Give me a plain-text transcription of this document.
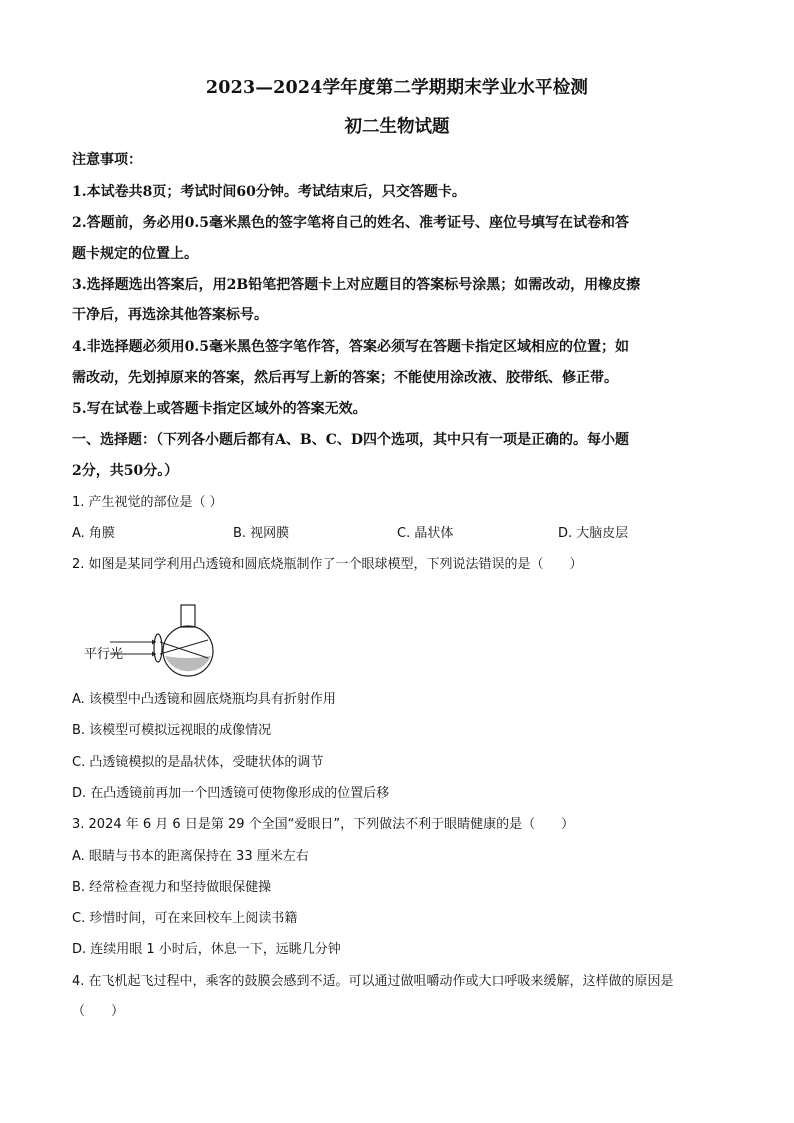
2023—2024学年度第二学期期末学业水平检测
初二生物试题
注意事项：
1.本试卷共8页；考试时间60分钟。考试结束后，只交答题卡。
2.答题前，务必用0.5毫米黑色的签字笔将自己的姓名、准考证号、座位号填写在试卷和答
题卡规定的位置上。
3.选择题选出答案后，用2B铅笔把答题卡上对应题目的答案标号涂黑；如需改动，用橡皮擦
干净后，再选涂其他答案标号。
4.非选择题必须用0.5毫米黑色签字笔作答，答案必须写在答题卡指定区域相应的位置；如
需改动，先划掉原来的答案，然后再写上新的答案；不能使用涂改液、胶带纸、修正带。
5.写在试卷上或答题卡指定区域外的答案无效。
一、选择题：（下列各小题后都有A、B、C、D四个选项，其中只有一项是正确的。每小题
2分，共50分。）
1. 产生视觉的部位是（ ）
A. 角膜	B. 视网膜	C. 晶状体	D. 大脑皮层
2. 如图是某同学利用凸透镜和圆底烧瓶制作了一个眼球模型，下列说法错误的是（　　）
平行光
A. 该模型中凸透镜和圆底烧瓶均具有折射作用
B. 该模型可模拟远视眼的成像情况
C. 凸透镜模拟的是晶状体，受睫状体的调节
D. 在凸透镜前再加一个凹透镜可使物像形成的位置后移
3. 2024 年 6 月 6 日是第 29 个全国“爱眼日”，下列做法不利于眼睛健康的是（　　）
A. 眼睛与书本的距离保持在 33 厘米左右
B. 经常检查视力和坚持做眼保健操
C. 珍惜时间，可在来回校车上阅读书籍
D. 连续用眼 1 小时后，休息一下，远眺几分钟
4. 在飞机起飞过程中，乘客的鼓膜会感到不适。可以通过做咀嚼动作或大口呼吸来缓解，这样做的原因是
（　　）
